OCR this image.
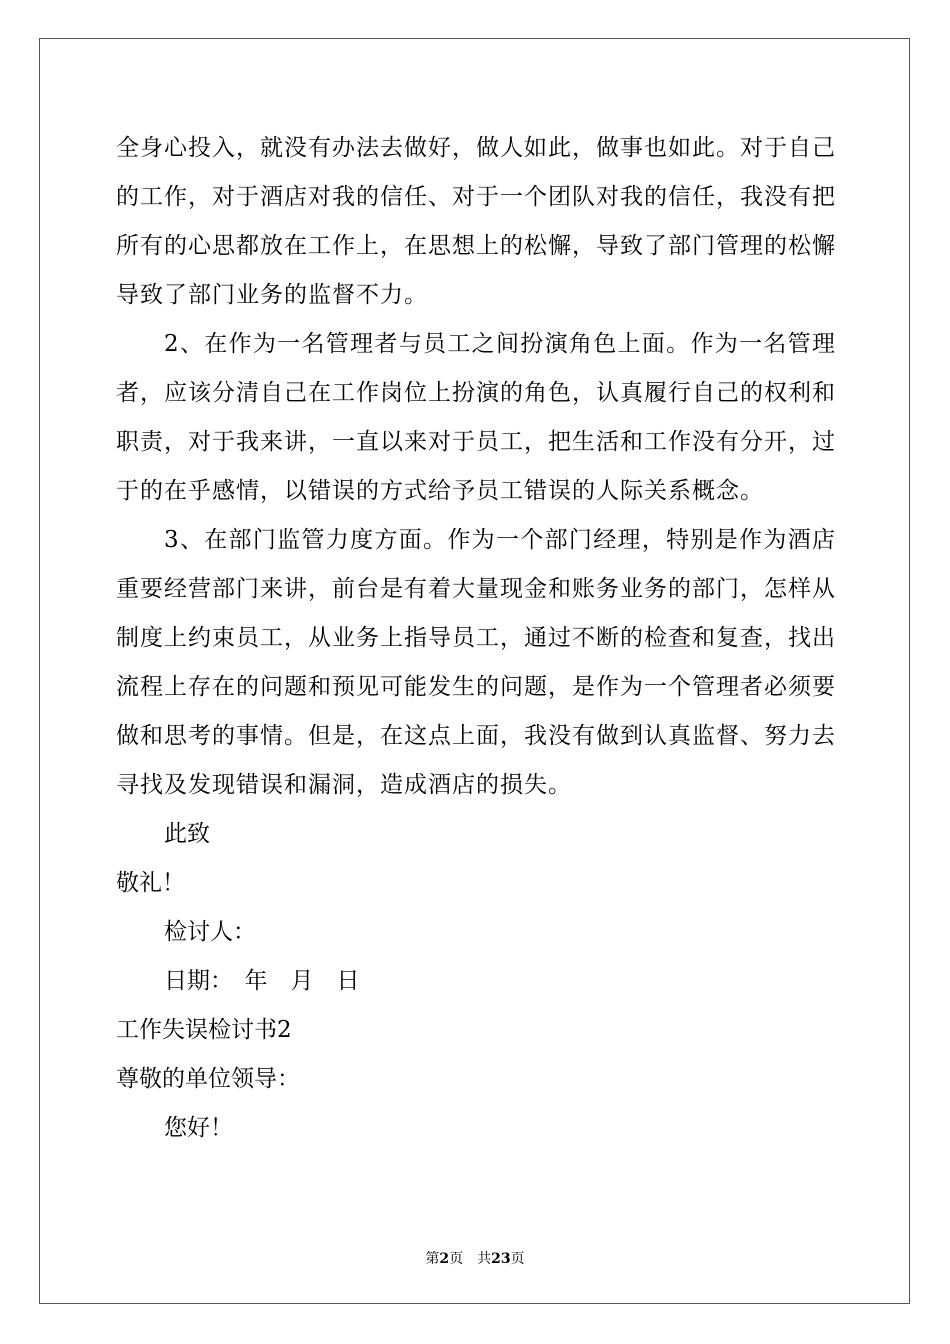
全身心投入，就没有办法去做好，做人如此，做事也如此。对于自己的工作，对于酒店对我的信任、对于一个团队对我的信任，我没有把所有的心思都放在工作上，在思想上的松懈，导致了部门管理的松懈导致了部门业务的监督不力。

2、在作为一名管理者与员工之间扮演角色上面。作为一名管理者，应该分清自己在工作岗位上扮演的角色，认真履行自己的权利和职责，对于我来讲，一直以来对于员工，把生活和工作没有分开，过于的在乎感情，以错误的方式给予员工错误的人际关系概念。

3、在部门监管力度方面。作为一个部门经理，特别是作为酒店重要经营部门来讲，前台是有着大量现金和账务业务的部门，怎样从制度上约束员工，从业务上指导员工，通过不断的检查和复查，找出流程上存在的问题和预见可能发生的问题，是作为一个管理者必须要做和思考的事情。但是，在这点上面，我没有做到认真监督、努力去寻找及发现错误和漏洞，造成酒店的损失。

此致

敬礼！

检讨人：

日期：　年　月　日

工作失误检讨书2

尊敬的单位领导：

您好！

第2页 共23页
